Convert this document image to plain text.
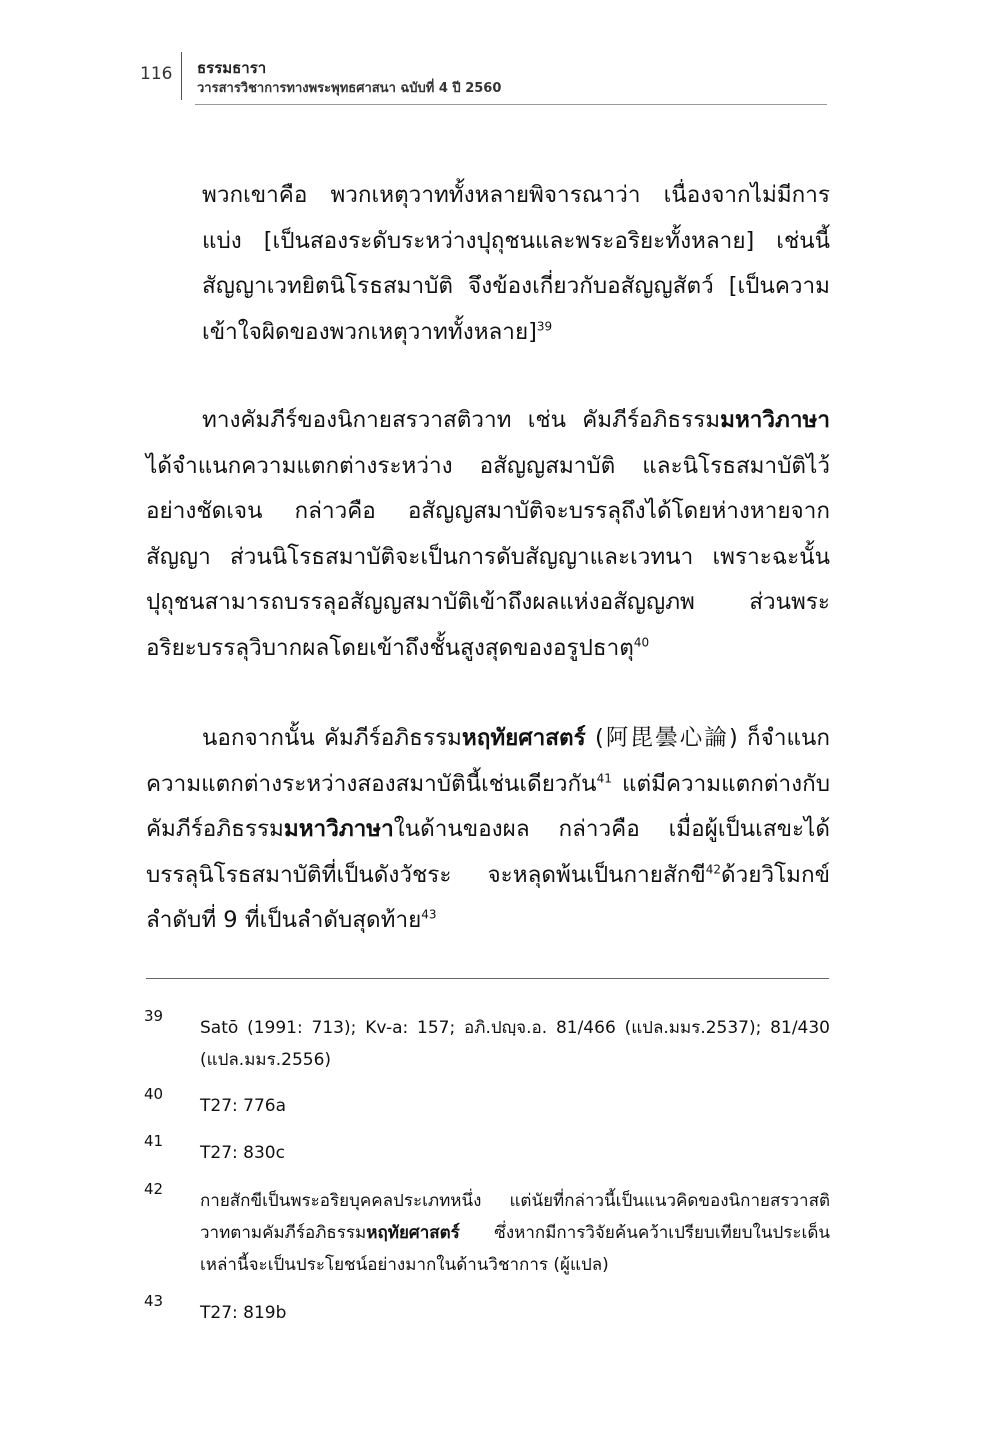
116 ธรรมธารา
วารสารวิชาการทางพระพุทธศาสนา ฉบับที่ 4 ปี 2560
พวกเขาคือ พวกเหตุวาททั้งหลายพิจารณาว่า เนื่องจากไม่มีการแบ่ง [เป็นสองระดับระหว่างปุถุชนและพระอริยะทั้งหลาย] เช่นนี้ สัญญาเวทยิตนิโรธสมาบัติ จึงข้องเกี่ยวกับอสัญญสัตว์ [เป็นความเข้าใจผิดของพวกเหตุวาททั้งหลาย]$^{39}$
ทางคัมภีร์ของนิกายสรวาสติวาท เช่น คัมภีร์อภิธรรมมหาวิภาษา ได้จำแนกความแตกต่างระหว่าง อสัญญสมาบัติ และนิโรธสมาบัติไว้อย่างชัดเจน กล่าวคือ อสัญญสมาบัติจะบรรลุถึงได้โดยห่างหายจากสัญญา ส่วนนิโรธสมาบัติจะเป็นการดับสัญญาและเวทนา เพราะฉะนั้น ปุถุชนสามารถบรรลุอสัญญสมาบัติเข้าถึงผลแห่งอสัญญภพ ส่วนพระอริยะบรรลุวิบากผลโดยเข้าถึงชั้นสูงสุดของอรูปธาตุ$^{40}$
นอกจากนั้น คัมภีร์อภิธรรมหฤทัยศาสตร์ (阿毘曇心論) ก็จำแนกความแตกต่างระหว่างสองสมาบัตินี้เช่นเดียวกัน$^{41}$ แต่มีความแตกต่างกับคัมภีร์อภิธรรมมหาวิภาษาในด้านของผล กล่าวคือ เมื่อผู้เป็นเสขะได้บรรลุนิโรธสมาบัติที่เป็นดังวัชระ จะหลุดพ้นเป็นกายสักขี$^{42}$ด้วยวิโมกข์ลำดับที่ 9 ที่เป็นลำดับสุดท้าย$^{43}$
39
Satō (1991: 713); Kv-a: 157; อภิ.ปญฺจ.อ. 81/466 (แปล.มมร.2537); 81/430 (แปล.มมร.2556)
40
T27: 776a
41
T27: 830c
42
กายสักขีเป็นพระอริยบุคคลประเภทหนึ่ง แต่นัยที่กล่าวนี้เป็นแนวคิดของนิกายสรวาสติวาทตามคัมภีร์อภิธรรมหฤทัยศาสตร์ ซึ่งหากมีการวิจัยค้นคว้าเปรียบเทียบในประเด็นเหล่านี้จะเป็นประโยชน์อย่างมากในด้านวิชาการ (ผู้แปล)
43
T27: 819b
